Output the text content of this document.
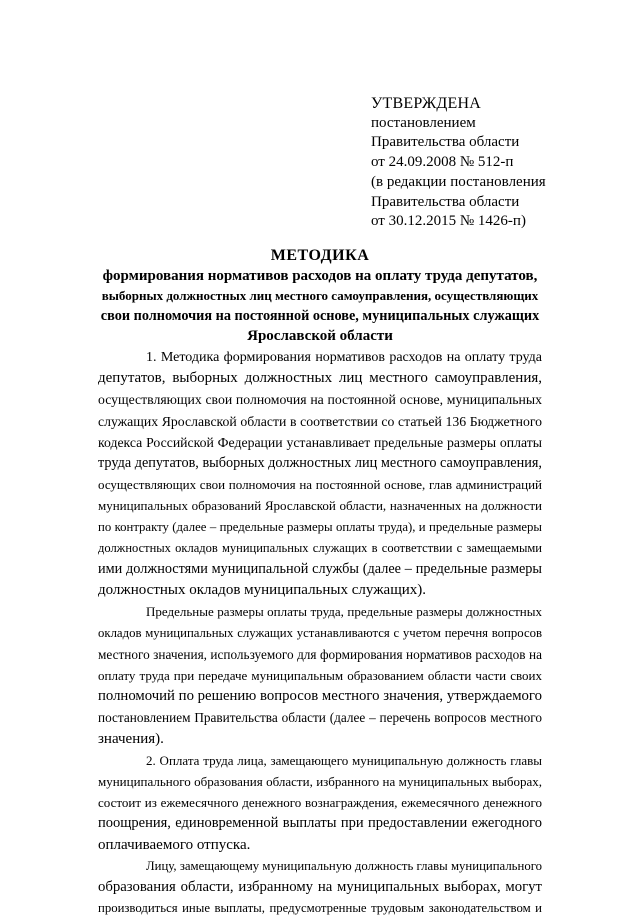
УТВЕРЖДЕНА
постановлением
Правительства области
от 24.09.2008 № 512-п
(в редакции постановления
Правительства области
от 30.12.2015 № 1426-п)
МЕТОДИКА
формирования нормативов расходов на оплату труда депутатов,
выборных должностных лиц местного самоуправления, осуществляющих
свои полномочия на постоянной основе, муниципальных служащих
Ярославской области
1. Методика формирования нормативов расходов на оплату труда
депутатов, выборных должностных лиц местного самоуправления,
осуществляющих свои полномочия на постоянной основе, муниципальных
служащих Ярославской области в соответствии со статьей 136 Бюджетного
кодекса Российской Федерации устанавливает предельные размеры оплаты
труда депутатов, выборных должностных лиц местного самоуправления,
осуществляющих свои полномочия на постоянной основе, глав администраций
муниципальных образований Ярославской области, назначенных на должности
по контракту (далее – предельные размеры оплаты труда), и предельные размеры
должностных окладов муниципальных служащих в соответствии с замещаемыми
ими должностями муниципальной службы (далее – предельные размеры
должностных окладов муниципальных служащих).
Предельные размеры оплаты труда, предельные размеры должностных
окладов муниципальных служащих устанавливаются с учетом перечня вопросов
местного значения, используемого для формирования нормативов расходов на
оплату труда при передаче муниципальным образованием области части своих
полномочий по решению вопросов местного значения, утверждаемого
постановлением Правительства области (далее – перечень вопросов местного
значения).
2. Оплата труда лица, замещающего муниципальную должность главы
муниципального образования области, избранного на муниципальных выборах,
состоит из ежемесячного денежного вознаграждения, ежемесячного денежного
поощрения, единовременной выплаты при предоставлении ежегодного
оплачиваемого отпуска.
Лицу, замещающему муниципальную должность главы муниципального
образования области, избранному на муниципальных выборах, могут
производиться иные выплаты, предусмотренные трудовым законодательством и
